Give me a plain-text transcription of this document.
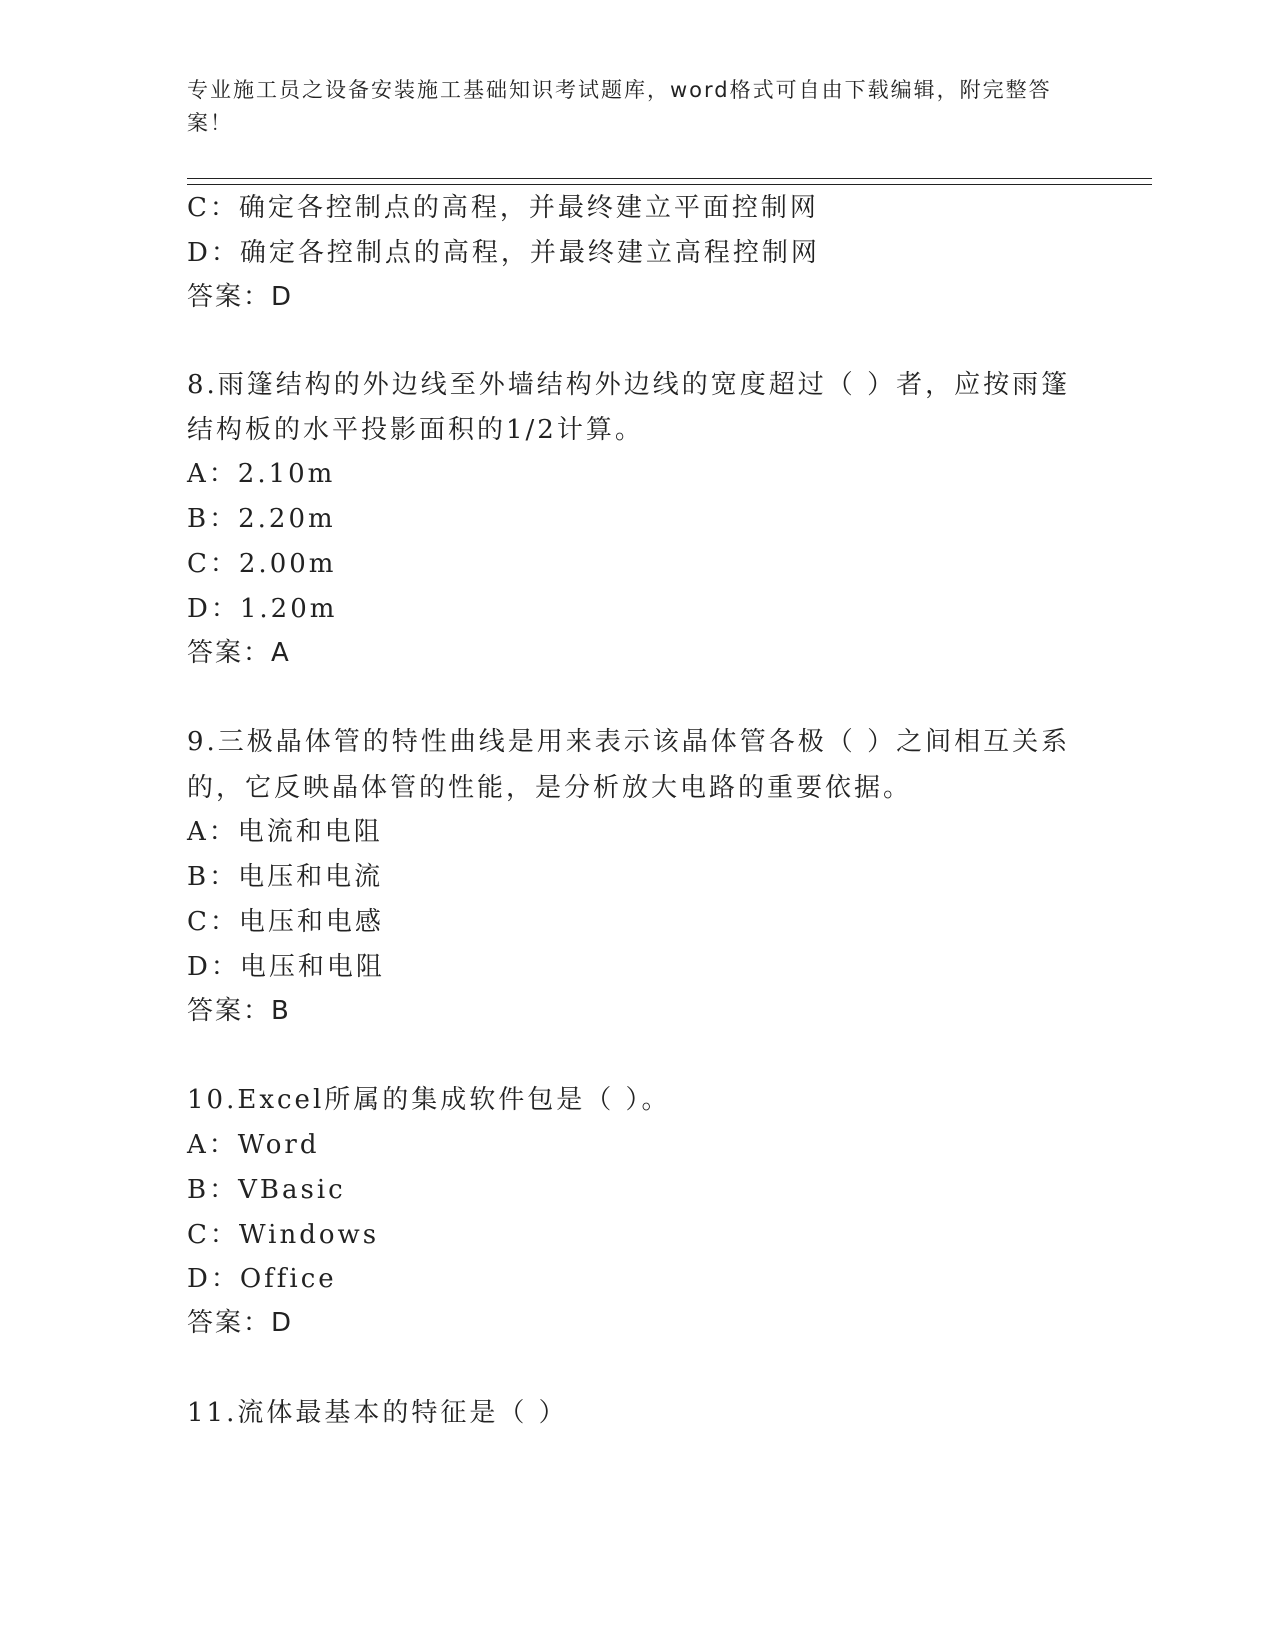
专业施工员之设备安装施工基础知识考试题库，word格式可自由下载编辑，附完整答案！
C：确定各控制点的高程，并最终建立平面控制网
D：确定各控制点的高程，并最终建立高程控制网
答案：D
8.雨篷结构的外边线至外墙结构外边线的宽度超过（ ）者，应按雨篷
结构板的水平投影面积的1/2计算。
A：2.10m
B：2.20m
C：2.00m
D：1.20m
答案：A
9.三极晶体管的特性曲线是用来表示该晶体管各极（ ）之间相互关系
的，它反映晶体管的性能，是分析放大电路的重要依据。
A：电流和电阻
B：电压和电流
C：电压和电感
D：电压和电阻
答案：B
10.Excel所属的集成软件包是（ ）。
A：Word
B：VBasic
C：Windows
D：Office
答案：D
11.流体最基本的特征是（ ）
